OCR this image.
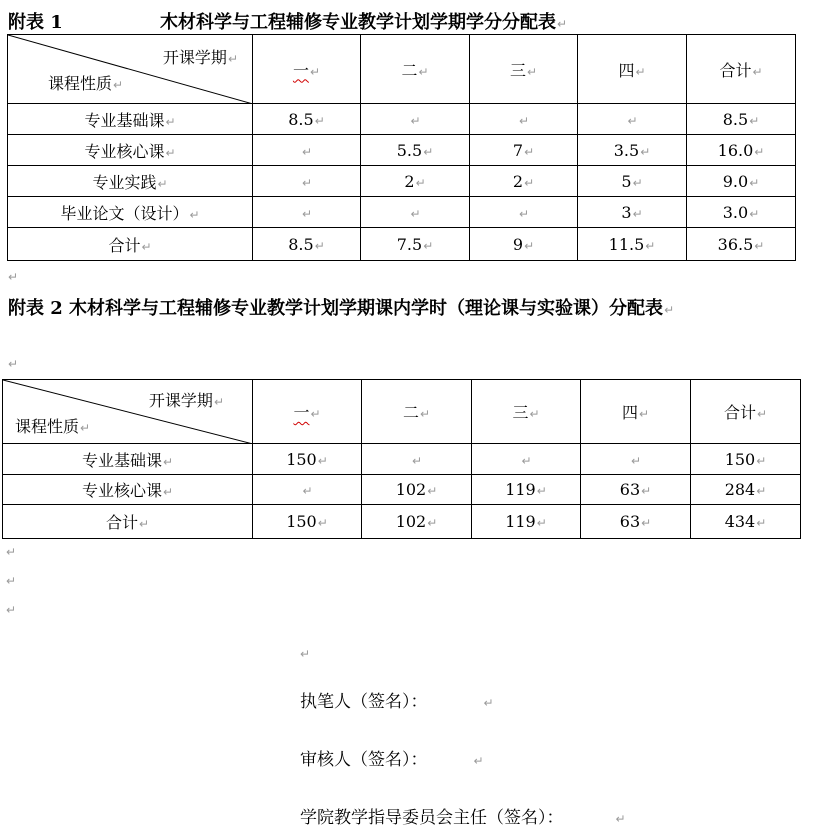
附表 1	木材科学与工程辅修专业教学计划学期学分分配表↵
开课学期↵
课程性质↵	一↵	二↵	三↵	四↵	合计↵
专业基础课↵	8.5↵	↵	↵	↵	8.5↵
专业核心课↵	↵	5.5↵	7↵	3.5↵	16.0↵
专业实践↵	↵	2↵	2↵	5↵	9.0↵
毕业论文（设计）↵	↵	↵	↵	3↵	3.0↵
合计↵	8.5↵	7.5↵	9↵	11.5↵	36.5↵
↵
附表 2 木材科学与工程辅修专业教学计划学期课内学时（理论课与实验课）分配表↵
↵
开课学期↵
课程性质↵	一↵	二↵	三↵	四↵	合计↵
专业基础课↵	150↵	↵	↵	↵	150↵
专业核心课↵	↵	102↵	119↵	63↵	284↵
合计↵	150↵	102↵	119↵	63↵	434↵
↵
↵
↵
↵
执笔人（签名）：	↵
审核人（签名）：	↵
学院教学指导委员会主任（签名）：	↵
